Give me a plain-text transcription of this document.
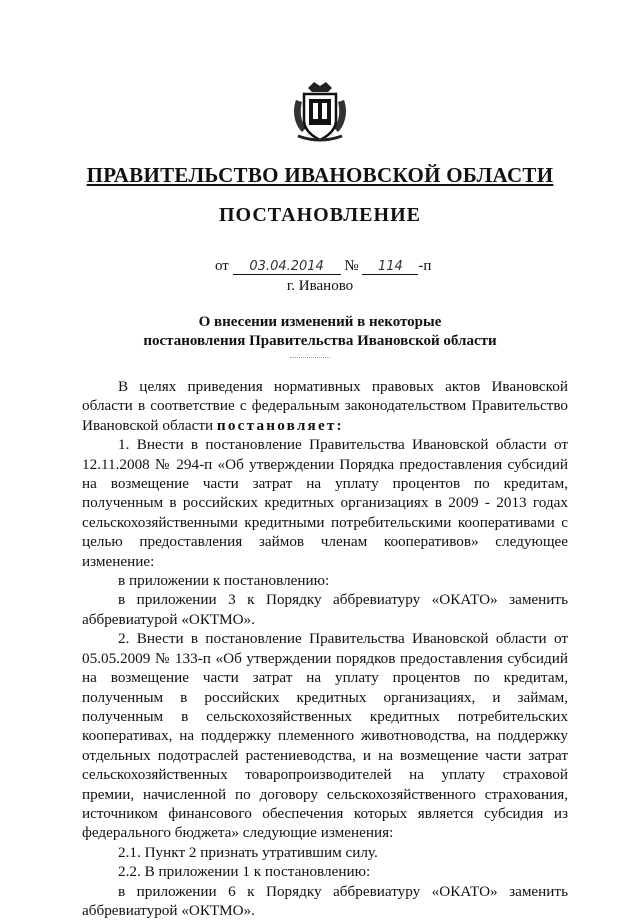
ПРАВИТЕЛЬСТВО ИВАНОВСКОЙ ОБЛАСТИ
ПОСТАНОВЛЕНИЕ
от 03.04.2014 № 114 -п
г. Иваново
О внесении изменений в некоторые
постановления Правительства Ивановской области

В целях приведения нормативных правовых актов Ивановской области в соответствие с федеральным законодательством Правительство Ивановской области постановляет:

1. Внести в постановление Правительства Ивановской области от 12.11.2008 № 294-п «Об утверждении Порядка предоставления субсидий на возмещение части затрат на уплату процентов по кредитам, полученным в российских кредитных организациях в 2009 - 2013 годах сельскохозяйственными кредитными потребительскими кооперативами с целью предоставления займов членам кооперативов» следующее изменение:

в приложении к постановлению:

в приложении 3 к Порядку аббревиатуру «ОКАТО» заменить аббревиатурой «ОКТМО».

2. Внести в постановление Правительства Ивановской области от 05.05.2009 № 133-п «Об утверждении порядков предоставления субсидий на возмещение части затрат на уплату процентов по кредитам, полученным в российских кредитных организациях, и займам, полученным в сельскохозяйственных кредитных потребительских кооперативах, на поддержку племенного животноводства, на поддержку отдельных подотраслей растениеводства, и на возмещение части затрат сельскохозяйственных товаропроизводителей на уплату страховой премии, начисленной по договору сельскохозяйственного страхования, источником финансового обеспечения которых является субсидия из федерального бюджета» следующие изменения:

2.1. Пункт 2 признать утратившим силу.

2.2. В приложении 1 к постановлению:

в приложении 6 к Порядку аббревиатуру «ОКАТО» заменить аббревиатурой «ОКТМО».
